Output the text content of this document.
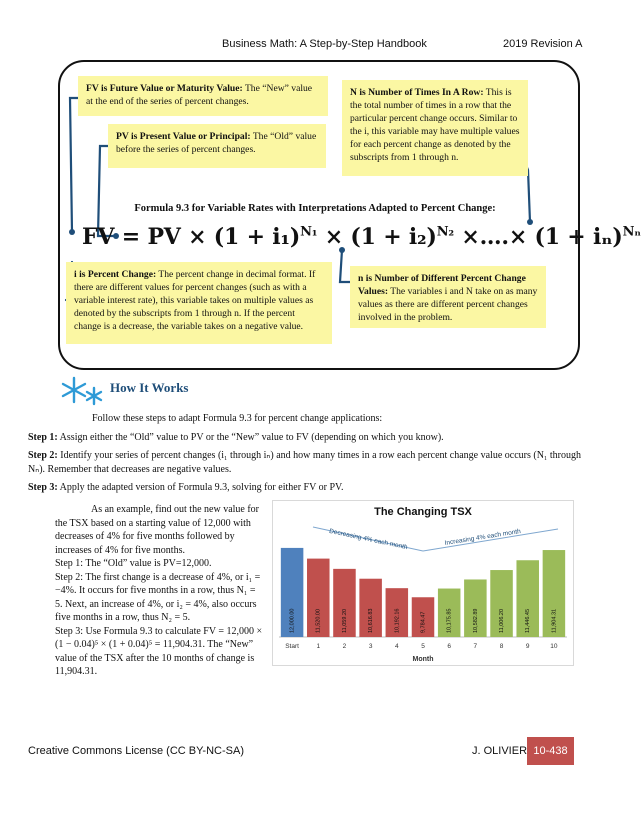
Business Math: A Step-by-Step Handbook	2019 Revision A
FV is Future Value or Maturity Value: The “New” value at the end of the series of percent changes.
PV is Present Value or Principal: The “Old” value before the series of percent changes.
N is Number of Times In A Row: This is the total number of times in a row that the particular percent change occurs. Similar to the i, this variable may have multiple values for each percent change as denoted by the subscripts from 1 through n.
Formula 9.3 for Variable Rates with Interpretations Adapted to Percent Change:
FV = PV × $(1 + i_1)^{N_1} \times (1 + i_2)^{N_2}$ ×….× $(1 + i_n)^{N_n}$
i is Percent Change: The percent change in decimal format. If there are different values for percent changes (such as with a variable interest rate), this variable takes on multiple values as denoted by the subscripts from 1 through n. If the percent change is a decrease, the variable takes on a negative value.
n is Number of Different Percent Change Values: The variables i and N take on as many values as there are different percent changes involved in the problem.
How It Works
Follow these steps to adapt Formula 9.3 for percent change applications:
Step 1: Assign either the “Old” value to PV or the “New” value to FV (depending on which you know).
Step 2: Identify your series of percent changes (i₁ through iₙ) and how many times in a row each percent change value occurs (N₁ through Nₙ). Remember that decreases are negative values.
Step 3: Apply the adapted version of Formula 9.3, solving for either FV or PV.
As an example, find out the new value for the TSX based on a starting value of 12,000 with decreases of 4% for five months followed by increases of 4% for five months.
Step 1: The “Old” value is PV=12,000.
Step 2: The first change is a decrease of 4%, or i₁ = −4%. It occurs for five months in a row, thus N₁ = 5. Next, an increase of 4%, or i₂ = 4%, also occurs five months in a row, thus N₂ = 5.
Step 3: Use Formula 9.3 to calculate FV = 12,000 × (1 − 0.04)⁵ × (1 + 0.04)⁵ = 11,904.31. The “New” value of the TSX after the 10 months of change is 11,904.31.
The Changing TSX
12,000.00
Start
11,520.00
1
11,059.20
2
10,616.83
3
10,192.16
4
9,784.47
5
10,175.85
6
10,582.89
7
11,006.20
8
11,446.45
9
11,904.31
10
Month
Decreasing 4% each month	Increasing 4% each month
Creative Commons License (CC BY-NC-SA)	J. OLIVIER 10-438
